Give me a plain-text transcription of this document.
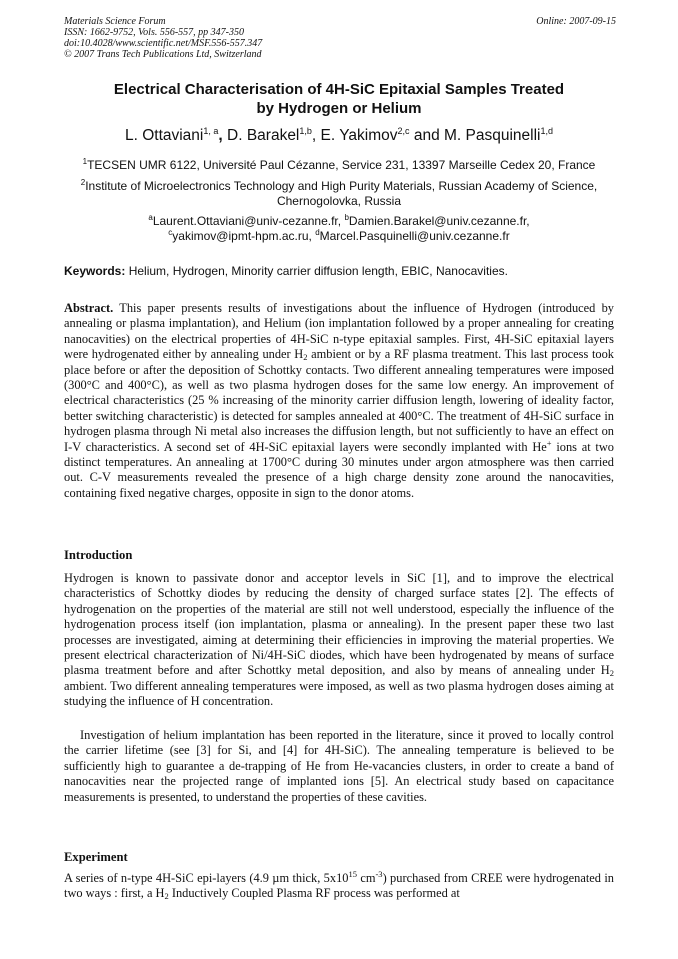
Materials Science Forum
ISSN: 1662-9752, Vols. 556-557, pp 347-350
doi:10.4028/www.scientific.net/MSF.556-557.347
© 2007 Trans Tech Publications Ltd, Switzerland
Online: 2007-09-15
Electrical Characterisation of 4H-SiC Epitaxial Samples Treated
by Hydrogen or Helium
L. Ottaviani$^{1, a}$, D. Barakel$^{1,b}$, E. Yakimov$^{2,c}$ and M. Pasquinelli$^{1,d}$
$^1$TECSEN UMR 6122, Université Paul Cézanne, Service 231, 13397 Marseille Cedex 20, France
$^2$Institute of Microelectronics Technology and High Purity Materials, Russian Academy of Science, Chernogolovka, Russia
$^a$Laurent.Ottaviani@univ-cezanne.fr, $^b$Damien.Barakel@univ.cezanne.fr,
$^c$yakimov@ipmt-hpm.ac.ru, $^d$Marcel.Pasquinelli@univ.cezanne.fr
Keywords: Helium, Hydrogen, Minority carrier diffusion length, EBIC, Nanocavities.
Abstract. This paper presents results of investigations about the influence of Hydrogen (introduced by annealing or plasma implantation), and Helium (ion implantation followed by a proper annealing for creating nanocavities) on the electrical properties of 4H-SiC n-type epitaxial samples. First, 4H-SiC epitaxial layers were hydrogenated either by annealing under $H_2$ ambient or by a RF plasma treatment. This last process took place before or after the deposition of Schottky contacts. Two different annealing temperatures were imposed (300°C and 400°C), as well as two plasma hydrogen doses for the same low energy. An improvement of electrical characteristics (25 % increasing of the minority carrier diffusion length, lowering of ideality factor, better switching characteristic) is detected for samples annealed at 400°C. The treatment of 4H-SiC surface in hydrogen plasma through Ni metal also increases the diffusion length, but not sufficiently to have an effect on I-V characteristics. A second set of 4H-SiC epitaxial layers were secondly implanted with He+ ions at two distinct temperatures. An annealing at 1700°C during 30 minutes under argon atmosphere was then carried out. C-V measurements revealed the presence of a high charge density zone around the nanocavities, containing fixed negative charges, opposite in sign to the donor atoms.
Introduction
Hydrogen is known to passivate donor and acceptor levels in SiC [1], and to improve the electrical characteristics of Schottky diodes by reducing the density of charged surface states [2]. The effects of hydrogenation on the properties of the material are still not well understood, especially the influence of the hydrogenation process itself (ion implantation, plasma or annealing). In the present paper these two last processes are investigated, aiming at determining their efficiencies in improving the material properties. We present electrical characterization of Ni/4H-SiC diodes, which have been hydrogenated by means of surface plasma treatment before and after Schottky metal deposition, and also by means of annealing under $H_2$ ambient. Two different annealing temperatures were imposed, as well as two plasma hydrogen doses aiming at studying the influence of H concentration.
Investigation of helium implantation has been reported in the literature, since it proved to locally control the carrier lifetime (see [3] for Si, and [4] for 4H-SiC). The annealing temperature is believed to be sufficiently high to guarantee a de-trapping of He from He-vacancies clusters, in order to create a band of nanocavities near the projected range of implanted ions [5]. An electrical study based on capacitance measurements is presented, to understand the properties of these cavities.
Experiment
A series of n-type 4H-SiC epi-layers (4.9 µm thick, $5x10^{15}$ $cm^{-3}$) purchased from CREE were hydrogenated in two ways : first, a $H_2$ Inductively Coupled Plasma RF process was performed at
